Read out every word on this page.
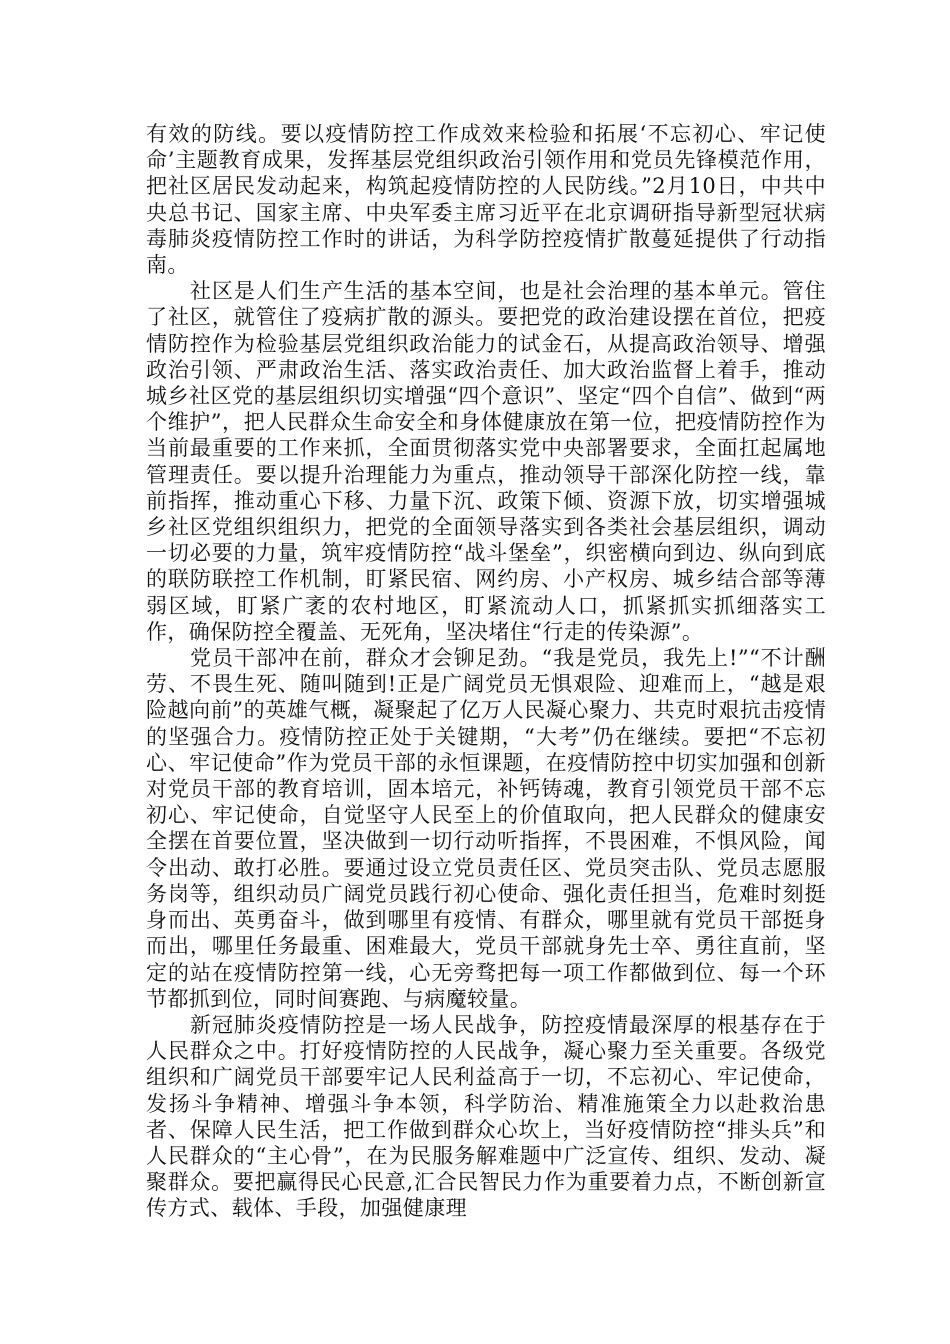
有效的防线。要以疫情防控工作成效来检验和拓展‘不忘初心、牢记使命’主题教育成果，发挥基层党组织政治引领作用和党员先锋模范作用，把社区居民发动起来，构筑起疫情防控的人民防线。”2月10日，中共中央总书记、国家主席、中央军委主席习近平在北京调研指导新型冠状病毒肺炎疫情防控工作时的讲话，为科学防控疫情扩散蔓延提供了行动指南。

社区是人们生产生活的基本空间，也是社会治理的基本单元。管住了社区，就管住了疫病扩散的源头。要把党的政治建设摆在首位，把疫情防控作为检验基层党组织政治能力的试金石，从提高政治领导、增强政治引领、严肃政治生活、落实政治责任、加大政治监督上着手，推动城乡社区党的基层组织切实增强“四个意识”、坚定“四个自信”、做到“两个维护”，把人民群众生命安全和身体健康放在第一位，把疫情防控作为当前最重要的工作来抓，全面贯彻落实党中央部署要求，全面扛起属地管理责任。要以提升治理能力为重点，推动领导干部深化防控一线，靠前指挥，推动重心下移、力量下沉、政策下倾、资源下放，切实增强城乡社区党组织组织力，把党的全面领导落实到各类社会基层组织，调动一切必要的力量，筑牢疫情防控“战斗堡垒”，织密横向到边、纵向到底的联防联控工作机制，盯紧民宿、网约房、小产权房、城乡结合部等薄弱区域，盯紧广袤的农村地区，盯紧流动人口，抓紧抓实抓细落实工作，确保防控全覆盖、无死角，坚决堵住“行走的传染源”。

党员干部冲在前，群众才会铆足劲。“我是党员，我先上!”“不计酬劳、不畏生死、随叫随到!正是广阔党员无惧艰险、迎难而上，“越是艰险越向前”的英雄气概，凝聚起了亿万人民凝心聚力、共克时艰抗击疫情的坚强合力。疫情防控正处于关键期，“大考”仍在继续。要把“不忘初心、牢记使命”作为党员干部的永恒课题，在疫情防控中切实加强和创新对党员干部的教育培训，固本培元，补钙铸魂，教育引领党员干部不忘初心、牢记使命，自觉坚守人民至上的价值取向，把人民群众的健康安全摆在首要位置，坚决做到一切行动听指挥，不畏困难，不惧风险，闻令出动、敢打必胜。要通过设立党员责任区、党员突击队、党员志愿服务岗等，组织动员广阔党员践行初心使命、强化责任担当，危难时刻挺身而出、英勇奋斗，做到哪里有疫情、有群众，哪里就有党员干部挺身而出，哪里任务最重、困难最大，党员干部就身先士卒、勇往直前，坚定的站在疫情防控第一线，心无旁骛把每一项工作都做到位、每一个环节都抓到位，同时间赛跑、与病魔较量。

新冠肺炎疫情防控是一场人民战争，防控疫情最深厚的根基存在于人民群众之中。打好疫情防控的人民战争，凝心聚力至关重要。各级党组织和广阔党员干部要牢记人民利益高于一切，不忘初心、牢记使命，发扬斗争精神、增强斗争本领，科学防治、精准施策全力以赴救治患者、保障人民生活，把工作做到群众心坎上，当好疫情防控“排头兵”和人民群众的“主心骨”，在为民服务解难题中广泛宣传、组织、发动、凝聚群众。要把赢得民心民意,汇合民智民力作为重要着力点，不断创新宣传方式、载体、手段，加强健康理
